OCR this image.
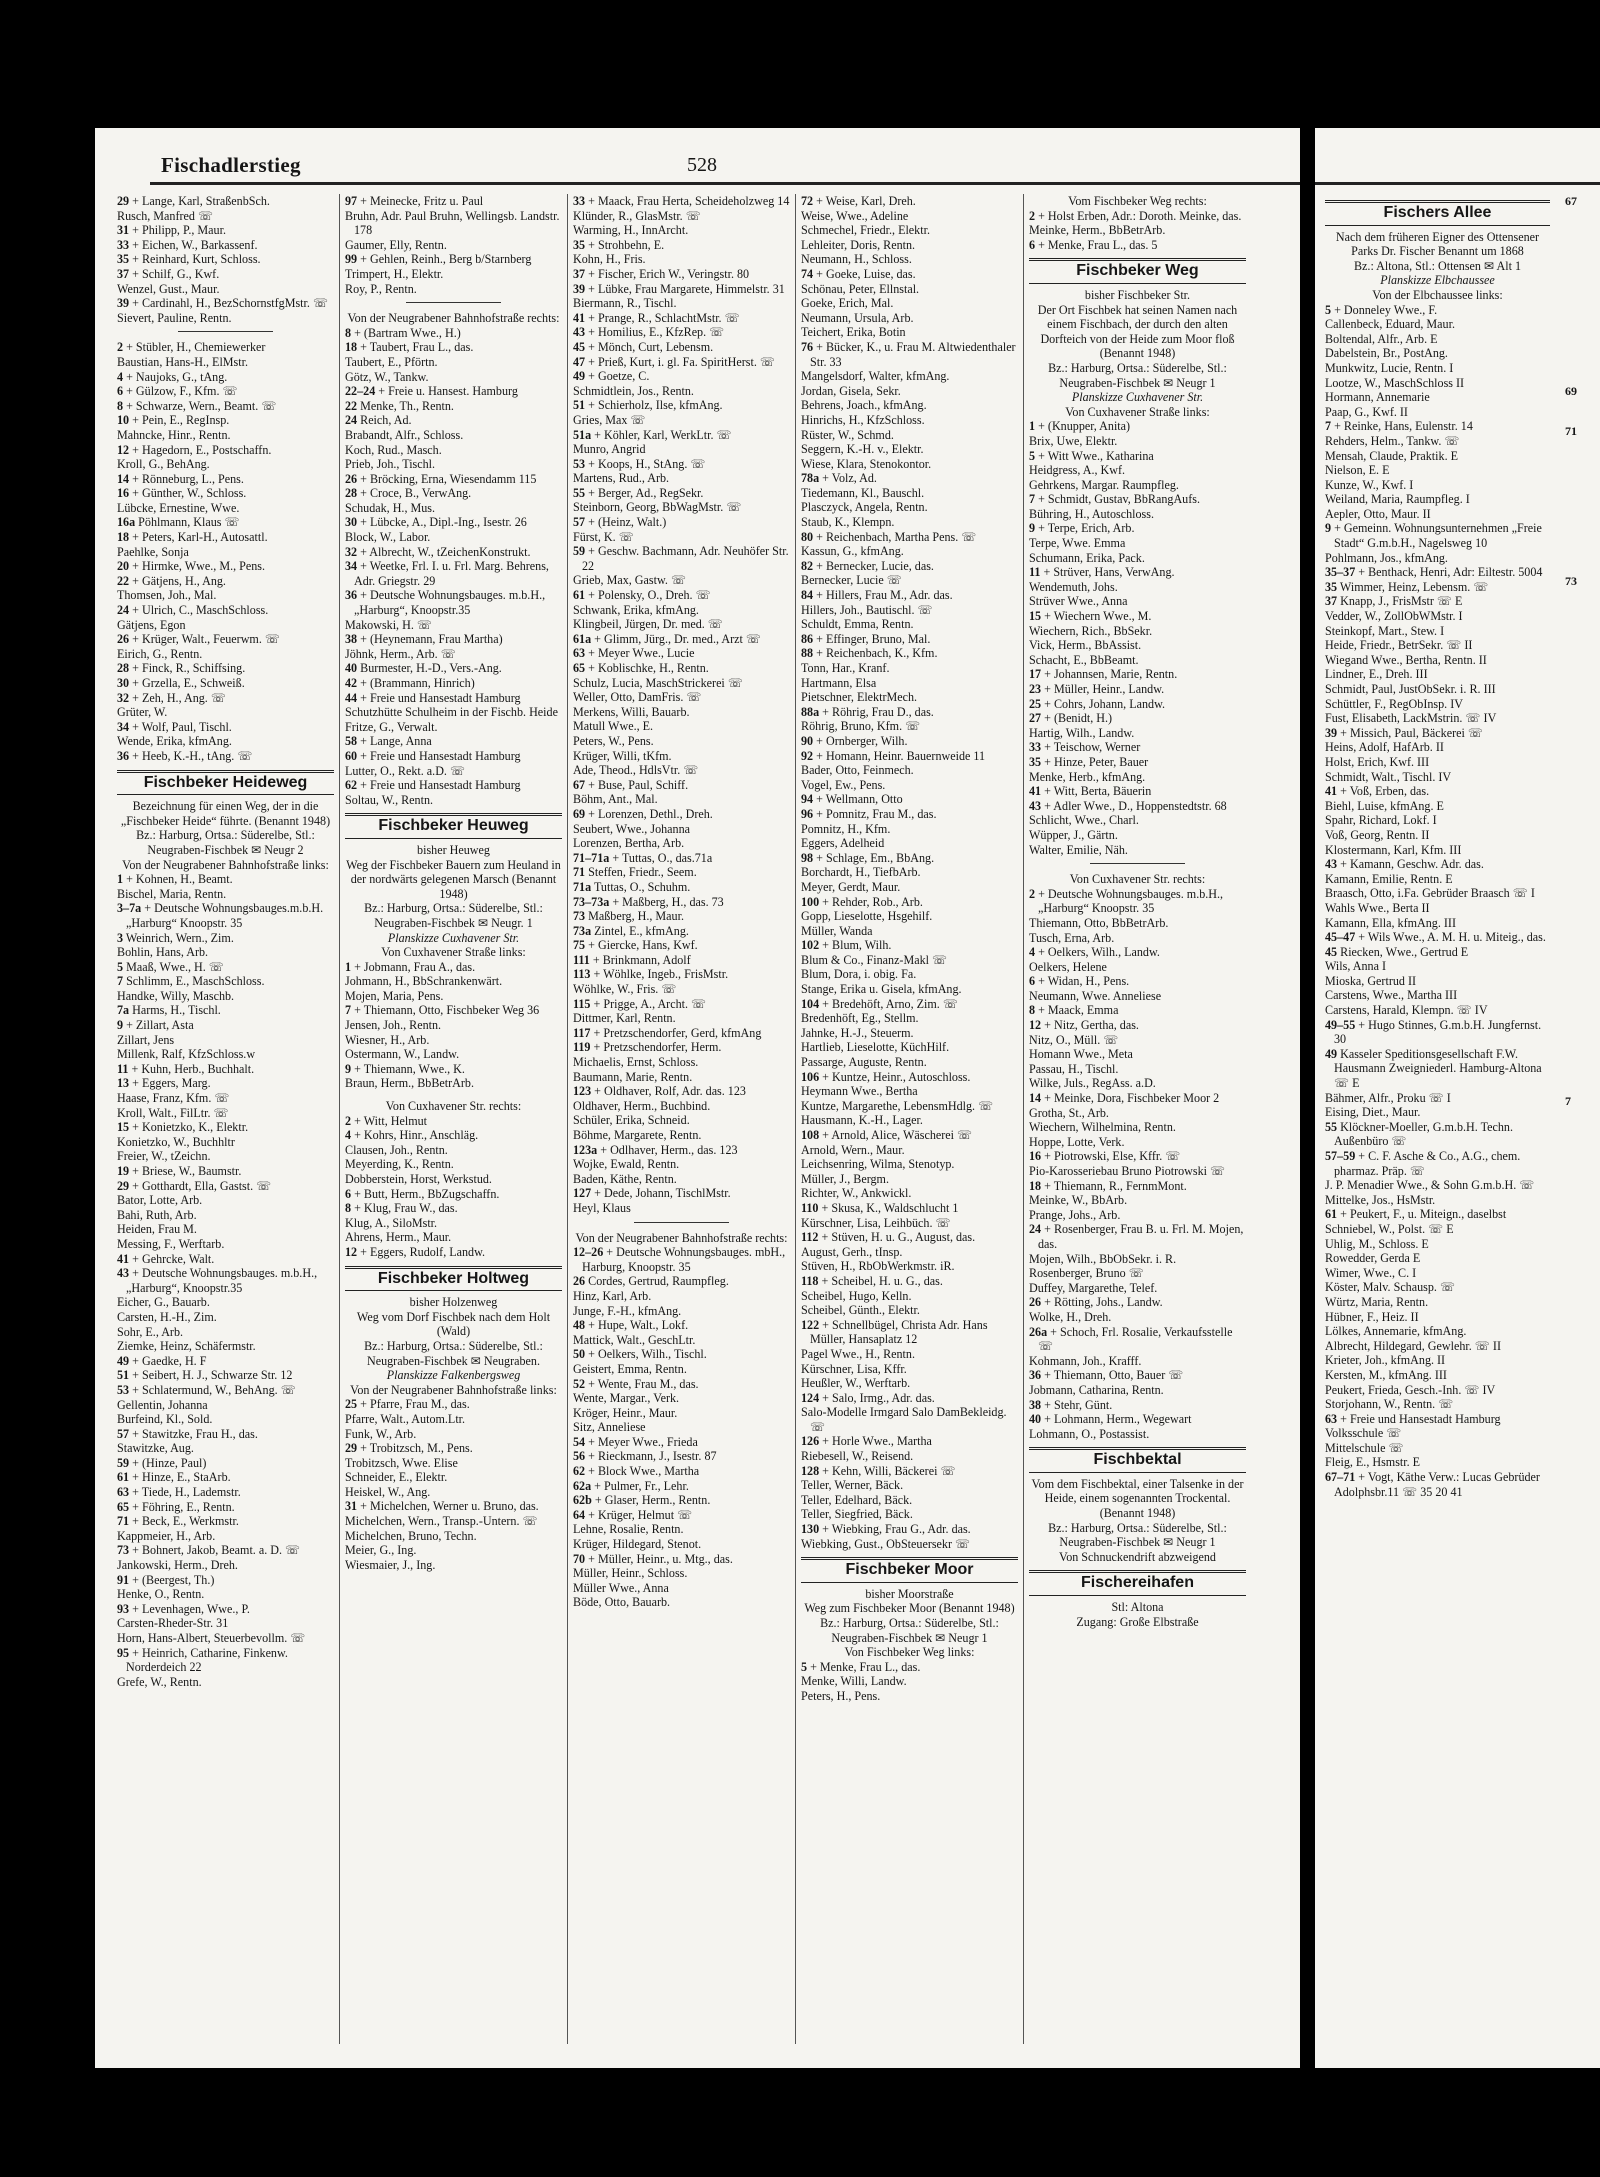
Fischadlerstieg	528
29 + Lange, Karl, StraßenbSch.
Rusch, Manfred ☏
31 + Philipp, P., Maur.
33 + Eichen, W., Barkassenf.
35 + Reinhard, Kurt, Schloss.
37 + Schilf, G., Kwf.
Wenzel, Gust., Maur.
39 + Cardinahl, H., BezSchornstfgMstr. ☏
Sievert, Pauline, Rentn.
2 + Stübler, H., Chemiewerker
Baustian, Hans-H., ElMstr.
4 + Naujoks, G., tAng.
6 + Gülzow, F., Kfm. ☏
8 + Schwarze, Wern., Beamt. ☏
10 + Pein, E., RegInsp.
Mahncke, Hinr., Rentn.
12 + Hagedorn, E., Postschaffn.
Kroll, G., BehAng.
14 + Rönneburg, L., Pens.
16 + Günther, W., Schloss.
Lübcke, Ernestine, Wwe.
16a Pöhlmann, Klaus ☏
18 + Peters, Karl-H., Autosattl.
Paehlke, Sonja
20 + Hirmke, Wwe., M., Pens.
22 + Gätjens, H., Ang.
Thomsen, Joh., Mal.
24 + Ulrich, C., MaschSchloss.
Gätjens, Egon
26 + Krüger, Walt., Feuerwm. ☏
Eirich, G., Rentn.
28 + Finck, R., Schiffsing.
30 + Grzella, E., Schweiß.
32 + Zeh, H., Ang. ☏
Grüter, W.
34 + Wolf, Paul, Tischl.
Wende, Erika, kfmAng.
36 + Heeb, K.-H., tAng. ☏
Fischbeker Heideweg
Bezeichnung für einen Weg, der in die „Fischbeker Heide“ führte. (Benannt 1948)
Bz.: Harburg, Ortsa.: Süderelbe, Stl.: Neugraben-Fischbek ✉ Neugr 2
Von der Neugrabener Bahnhofstraße links:
1 + Kohnen, H., Beamt.
Bischel, Maria, Rentn.
3–7a + Deutsche Wohnungsbauges.m.b.H. „Harburg“ Knoopstr. 35
3 Weinrich, Wern., Zim.
Bohlin, Hans, Arb.
5 Maaß, Wwe., H. ☏
7 Schlimm, E., MaschSchloss.
Handke, Willy, Maschb.
7a Harms, H., Tischl.
9 + Zillart, Asta
Zillart, Jens
Millenk, Ralf, KfzSchloss.w
11 + Kuhn, Herb., Buchhalt.
13 + Eggers, Marg.
Haase, Franz, Kfm. ☏
Kroll, Walt., FilLtr. ☏
15 + Konietzko, K., Elektr.
Konietzko, W., Buchhltr
Freier, W., tZeichn.
19 + Briese, W., Baumstr.
29 + Gotthardt, Ella, Gastst. ☏
Bator, Lotte, Arb.
Bahi, Ruth, Arb.
Heiden, Frau M.
Messing, F., Werftarb.
41 + Gehrcke, Walt.
43 + Deutsche Wohnungsbauges. m.b.H., „Harburg“, Knoopstr.35
Eicher, G., Bauarb.
Carsten, H.-H., Zim.
Sohr, E., Arb.
Ziemke, Heinz, Schäfermstr.
49 + Gaedke, H. F
51 + Seibert, H. J., Schwarze Str. 12
53 + Schlatermund, W., BehAng. ☏
Gellentin, Johanna
Burfeind, Kl., Sold.
57 + Stawitzke, Frau H., das.
Stawitzke, Aug.
59 + (Hinze, Paul)
61 + Hinze, E., StaArb.
63 + Tiede, H., Lademstr.
65 + Föhring, E., Rentn.
71 + Beck, E., Werkmstr.
Kappmeier, H., Arb.
73 + Bohnert, Jakob, Beamt. a. D. ☏
Jankowski, Herm., Dreh.
91 + (Beergest, Th.)
Henke, O., Rentn.
93 + Levenhagen, Wwe., P.
Carsten-Rheder-Str. 31
Horn, Hans-Albert, Steuerbevollm. ☏
95 + Heinrich, Catharine, Finkenw. Norderdeich 22
Grefe, W., Rentn.
97 + Meinecke, Fritz u. Paul
Bruhn, Adr. Paul Bruhn, Wellingsb. Landstr. 178
Gaumer, Elly, Rentn.
99 + Gehlen, Reinh., Berg b/Starnberg
Trimpert, H., Elektr.
Roy, P., Rentn.
Von der Neugrabener Bahnhofstraße rechts:
8 + (Bartram Wwe., H.)
18 + Taubert, Frau L., das.
Taubert, E., Pförtn.
Götz, W., Tankw.
22–24 + Freie u. Hansest. Hamburg
22 Menke, Th., Rentn.
24 Reich, Ad.
Brabandt, Alfr., Schloss.
Koch, Rud., Masch.
Prieb, Joh., Tischl.
26 + Bröcking, Erna, Wiesendamm 115
28 + Croce, B., VerwAng.
Schudak, H., Mus.
30 + Lübcke, A., Dipl.-Ing., Isestr. 26
Block, W., Labor.
32 + Albrecht, W., tZeichenKonstrukt.
34 + Weetke, Frl. I. u. Frl. Marg. Behrens, Adr. Griegstr. 29
36 + Deutsche Wohnungsbauges. m.b.H., „Harburg“, Knoopstr.35
Makowski, H. ☏
38 + (Heynemann, Frau Martha)
Jöhnk, Herm., Arb. ☏
40 Burmester, H.-D., Vers.-Ang.
42 + (Brammann, Hinrich)
44 + Freie und Hansestadt Hamburg
Schutzhütte Schulheim in der Fischb. Heide
Fritze, G., Verwalt.
58 + Lange, Anna
60 + Freie und Hansestadt Hamburg
Lutter, O., Rekt. a.D. ☏
62 + Freie und Hansestadt Hamburg
Soltau, W., Rentn.
Fischbeker Heuweg
bisher Heuweg
Weg der Fischbeker Bauern zum Heuland in der nordwärts gelegenen Marsch (Benannt 1948)
Bz.: Harburg, Ortsa.: Süderelbe, Stl.: Neugraben-Fischbek ✉ Neugr. 1
Planskizze Cuxhavener Str.
Von Cuxhavener Straße links:
1 + Jobmann, Frau A., das.
Johmann, H., BbSchrankenwärt.
Mojen, Maria, Pens.
7 + Thiemann, Otto, Fischbeker Weg 36
Jensen, Joh., Rentn.
Wiesner, H., Arb.
Ostermann, W., Landw.
9 + Thiemann, Wwe., K.
Braun, Herm., BbBetrArb.
Von Cuxhavener Str. rechts:
2 + Witt, Helmut
4 + Kohrs, Hinr., Anschläg.
Clausen, Joh., Rentn.
Meyerding, K., Rentn.
Dobberstein, Horst, Werkstud.
6 + Butt, Herm., BbZugschaffn.
8 + Klug, Frau W., das.
Klug, A., SiloMstr.
Ahrens, Herm., Maur.
12 + Eggers, Rudolf, Landw.
Fischbeker Holtweg
bisher Holzenweg
Weg vom Dorf Fischbek nach dem Holt (Wald)
Bz.: Harburg, Ortsa.: Süderelbe, Stl.: Neugraben-Fischbek ✉ Neugraben.
Planskizze Falkenbergsweg
Von der Neugrabener Bahnhofstraße links:
25 + Pfarre, Frau M., das.
Pfarre, Walt., Autom.Ltr.
Funk, W., Arb.
29 + Trobitzsch, M., Pens.
Trobitzsch, Wwe. Elise
Schneider, E., Elektr.
Heiskel, W., Ang.
31 + Michelchen, Werner u. Bruno, das.
Michelchen, Wern., Transp.-Untern. ☏
Michelchen, Bruno, Techn.
Meier, G., Ing.
Wiesmaier, J., Ing.
33 + Maack, Frau Herta, Scheideholzweg 14
Klünder, R., GlasMstr. ☏
Warming, H., InnArcht.
35 + Strohbehn, E.
Kohn, H., Fris.
37 + Fischer, Erich W., Veringstr. 80
39 + Lübke, Frau Margarete, Himmelstr. 31
Biermann, R., Tischl.
41 + Prange, R., SchlachtMstr. ☏
43 + Homilius, E., KfzRep. ☏
45 + Mönch, Curt, Lebensm.
47 + Prieß, Kurt, i. gl. Fa. SpiritHerst. ☏
49 + Goetze, C.
Schmidtlein, Jos., Rentn.
51 + Schierholz, Ilse, kfmAng.
Gries, Max ☏
51a + Köhler, Karl, WerkLtr. ☏
Munro, Angrid
53 + Koops, H., StAng. ☏
Martens, Rud., Arb.
55 + Berger, Ad., RegSekr.
Steinborn, Georg, BbWagMstr. ☏
57 + (Heinz, Walt.)
Fürst, K. ☏
59 + Geschw. Bachmann, Adr. Neuhöfer Str. 22
Grieb, Max, Gastw. ☏
61 + Polensky, O., Dreh. ☏
Schwank, Erika, kfmAng.
Klingbeil, Jürgen, Dr. med. ☏
61a + Glimm, Jürg., Dr. med., Arzt ☏
63 + Meyer Wwe., Lucie
65 + Koblischke, H., Rentn.
Schulz, Lucia, MaschStrickerei ☏
Weller, Otto, DamFris. ☏
Merkens, Willi, Bauarb.
Matull Wwe., E.
Peters, W., Pens.
Krüger, Willi, tKfm.
Ade, Theod., HdlsVtr. ☏
67 + Buse, Paul, Schiff.
Böhm, Ant., Mal.
69 + Lorenzen, Dethl., Dreh.
Seubert, Wwe., Johanna
Lorenzen, Bertha, Arb.
71–71a + Tuttas, O., das.71a
71 Steffen, Friedr., Seem.
71a Tuttas, O., Schuhm.
73–73a + Maßberg, H., das. 73
73 Maßberg, H., Maur.
73a Zintel, E., kfmAng.
75 + Giercke, Hans, Kwf.
111 + Brinkmann, Adolf
113 + Wöhlke, Ingeb., FrisMstr.
Wöhlke, W., Fris. ☏
115 + Prigge, A., Archt. ☏
Dittmer, Karl, Rentn.
117 + Pretzschendorfer, Gerd, kfmAng
119 + Pretzschendorfer, Herm.
Michaelis, Ernst, Schloss.
Baumann, Marie, Rentn.
123 + Oldhaver, Rolf, Adr. das. 123
Oldhaver, Herm., Buchbind.
Schüler, Erika, Schneid.
Böhme, Margarete, Rentn.
123a + Odlhaver, Herm., das. 123
Wojke, Ewald, Rentn.
Baden, Käthe, Rentn.
127 + Dede, Johann, TischlMstr.
Heyl, Klaus
Von der Neugrabener Bahnhofstraße rechts:
12–26 + Deutsche Wohnungsbauges. mbH., Harburg, Knoopstr. 35
26 Cordes, Gertrud, Raumpfleg.
Hinz, Karl, Arb.
Junge, F.-H., kfmAng.
48 + Hupe, Walt., Lokf.
Mattick, Walt., GeschLtr.
50 + Oelkers, Wilh., Tischl.
Geistert, Emma, Rentn.
52 + Wente, Frau M., das.
Wente, Margar., Verk.
Kröger, Heinr., Maur.
Sitz, Anneliese
54 + Meyer Wwe., Frieda
56 + Rieckmann, J., Isestr. 87
62 + Block Wwe., Martha
62a + Pulmer, Fr., Lehr.
62b + Glaser, Herm., Rentn.
64 + Krüger, Helmut ☏
Lehne, Rosalie, Rentn.
Krüger, Hildegard, Stenot.
70 + Müller, Heinr., u. Mtg., das.
Müller, Heinr., Schloss.
Müller Wwe., Anna
Böde, Otto, Bauarb.
72 + Weise, Karl, Dreh.
Weise, Wwe., Adeline
Schmechel, Friedr., Elektr.
Lehleiter, Doris, Rentn.
Neumann, H., Schloss.
74 + Goeke, Luise, das.
Schönau, Peter, Ellnstal.
Goeke, Erich, Mal.
Neumann, Ursula, Arb.
Teichert, Erika, Botin
76 + Bücker, K., u. Frau M. Altwiedenthaler Str. 33
Mangelsdorf, Walter, kfmAng.
Jordan, Gisela, Sekr.
Behrens, Joach., kfmAng.
Hinrichs, H., KfzSchloss.
Rüster, W., Schmd.
Seggern, K.-H. v., Elektr.
Wiese, Klara, Stenokontor.
78a + Volz, Ad.
Tiedemann, Kl., Bauschl.
Plasczyck, Angela, Rentn.
Staub, K., Klempn.
80 + Reichenbach, Martha Pens. ☏
Kassun, G., kfmAng.
82 + Bernecker, Lucie, das.
Bernecker, Lucie ☏
84 + Hillers, Frau M., Adr. das.
Hillers, Joh., Bautischl. ☏
Schuldt, Emma, Rentn.
86 + Effinger, Bruno, Mal.
88 + Reichenbach, K., Kfm.
Tonn, Har., Kranf.
Hartmann, Elsa
Pietschner, ElektrMech.
88a + Röhrig, Frau D., das.
Röhrig, Bruno, Kfm. ☏
90 + Ornberger, Wilh.
92 + Homann, Heinr. Bauernweide 11
Bader, Otto, Feinmech.
Vogel, Ew., Pens.
94 + Wellmann, Otto
96 + Pomnitz, Frau M., das.
Pomnitz, H., Kfm.
Eggers, Adelheid
98 + Schlage, Em., BbAng.
Borchardt, H., TiefbArb.
Meyer, Gerdt, Maur.
100 + Rehder, Rob., Arb.
Gopp, Lieselotte, Hsgehilf.
Müller, Wanda
102 + Blum, Wilh.
Blum & Co., Finanz-Makl ☏
Blum, Dora, i. obig. Fa.
Stange, Erika u. Gisela, kfmAng.
104 + Bredehöft, Arno, Zim. ☏
Bredenhöft, Eg., Stellm.
Jahnke, H.-J., Steuerm.
Hartlieb, Lieselotte, KüchHilf.
Passarge, Auguste, Rentn.
106 + Kuntze, Heinr., Autoschloss.
Heymann Wwe., Bertha
Kuntze, Margarethe, LebensmHdlg. ☏
Hausmann, K.-H., Lager.
108 + Arnold, Alice, Wäscherei ☏
Arnold, Wern., Maur.
Leichsenring, Wilma, Stenotyp.
Müller, J., Bergm.
Richter, W., Ankwickl.
110 + Skusa, K., Waldschlucht 1
Kürschner, Lisa, Leihbüch. ☏
112 + Stüven, H. u. G., August, das.
August, Gerh., tInsp.
Stüven, H., RbObWerkmstr. iR.
118 + Scheibel, H. u. G., das.
Scheibel, Hugo, Kelln.
Scheibel, Günth., Elektr.
122 + Schnellbügel, Christa Adr. Hans Müller, Hansaplatz 12
Pagel Wwe., H., Rentn.
Kürschner, Lisa, Kffr.
Heußler, W., Werftarb.
124 + Salo, Irmg., Adr. das.
Salo-Modelle Irmgard Salo DamBekleidg. ☏
126 + Horle Wwe., Martha
Riebesell, W., Reisend.
128 + Kehn, Willi, Bäckerei ☏
Teller, Werner, Bäck.
Teller, Edelhard, Bäck.
Teller, Siegfried, Bäck.
130 + Wiebking, Frau G., Adr. das.
Wiebking, Gust., ObSteuersekr ☏
Fischbeker Moor
bisher Moorstraße
Weg zum Fischbeker Moor (Benannt 1948)
Bz.: Harburg, Ortsa.: Süderelbe, Stl.: Neugraben-Fischbek ✉ Neugr 1
Von Fischbeker Weg links:
5 + Menke, Frau L., das.
Menke, Willi, Landw.
Peters, H., Pens.
Vom Fischbeker Weg rechts:
2 + Holst Erben, Adr.: Doroth. Meinke, das.
Meinke, Herm., BbBetrArb.
6 + Menke, Frau L., das. 5
Fischbeker Weg
bisher Fischbeker Str.
Der Ort Fischbek hat seinen Namen nach einem Fischbach, der durch den alten Dorfteich von der Heide zum Moor floß (Benannt 1948)
Bz.: Harburg, Ortsa.: Süderelbe, Stl.: Neugraben-Fischbek ✉ Neugr 1
Planskizze Cuxhavener Str.
Von Cuxhavener Straße links:
1 + (Knupper, Anita)
Brix, Uwe, Elektr.
5 + Witt Wwe., Katharina
Heidgress, A., Kwf.
Gehrkens, Margar. Raumpfleg.
7 + Schmidt, Gustav, BbRangAufs.
Bühring, H., Autoschloss.
9 + Terpe, Erich, Arb.
Terpe, Wwe. Emma
Schumann, Erika, Pack.
11 + Strüver, Hans, VerwAng.
Wendemuth, Johs.
Strüver Wwe., Anna
15 + Wiechern Wwe., M.
Wiechern, Rich., BbSekr.
Vick, Herm., BbAssist.
Schacht, E., BbBeamt.
17 + Johannsen, Marie, Rentn.
23 + Müller, Heinr., Landw.
25 + Cohrs, Johann, Landw.
27 + (Benidt, H.)
Hartig, Wilh., Landw.
33 + Teischow, Werner
35 + Hinze, Peter, Bauer
Menke, Herb., kfmAng.
41 + Witt, Berta, Bäuerin
43 + Adler Wwe., D., Hoppenstedtstr. 68
Schlicht, Wwe., Charl.
Wüpper, J., Gärtn.
Walter, Emilie, Näh.
Von Cuxhavener Str. rechts:
2 + Deutsche Wohnungsbauges. m.b.H., „Harburg“ Knoopstr. 35
Thiemann, Otto, BbBetrArb.
Tusch, Erna, Arb.
4 + Oelkers, Wilh., Landw.
Oelkers, Helene
6 + Widan, H., Pens.
Neumann, Wwe. Anneliese
8 + Maack, Emma
12 + Nitz, Gertha, das.
Nitz, O., Müll. ☏
Homann Wwe., Meta
Passau, H., Tischl.
Wilke, Juls., RegAss. a.D.
14 + Meinke, Dora, Fischbeker Moor 2
Grotha, St., Arb.
Wiechern, Wilhelmina, Rentn.
Hoppe, Lotte, Verk.
16 + Piotrowski, Else, Kffr. ☏
Pio-Karosseriebau Bruno Piotrowski ☏
18 + Thiemann, R., FernmMont.
Meinke, W., BbArb.
Prange, Johs., Arb.
24 + Rosenberger, Frau B. u. Frl. M. Mojen, das.
Mojen, Wilh., BbObSekr. i. R.
Rosenberger, Bruno ☏
Duffey, Margarethe, Telef.
26 + Rötting, Johs., Landw.
Wolke, H., Dreh.
26a + Schoch, Frl. Rosalie, Verkaufsstelle ☏
Kohmann, Joh., Krafff.
36 + Thiemann, Otto, Bauer ☏
Jobmann, Catharina, Rentn.
38 + Stehr, Günt.
40 + Lohmann, Herm., Wegewart
Lohmann, O., Postassist.
Fischbektal
Vom dem Fischbektal, einer Talsenke in der Heide, einem sogenannten Trockental. (Benannt 1948)
Bz.: Harburg, Ortsa.: Süderelbe, Stl.: Neugraben-Fischbek ✉ Neugr 1
Von Schnuckendrift abzweigend
Fischereihafen
Stl: Altona
Zugang: Große Elbstraße
Fischers Allee
Nach dem früheren Eigner des Ottensener Parks Dr. Fischer Benannt um 1868
Bz.: Altona, Stl.: Ottensen ✉ Alt 1
Planskizze Elbchaussee
Von der Elbchaussee links:
5 + Donneley Wwe., F.
Callenbeck, Eduard, Maur.
Boltendal, Alfr., Arb. E
Dabelstein, Br., PostAng.
Munkwitz, Lucie, Rentn. I
Lootze, W., MaschSchloss II
Hormann, Annemarie
Paap, G., Kwf. II
7 + Reinke, Hans, Eulenstr. 14
Rehders, Helm., Tankw. ☏
Mensah, Claude, Praktik. E
Nielson, E. E
Kunze, W., Kwf. I
Weiland, Maria, Raumpfleg. I
Aepler, Otto, Maur. II
9 + Gemeinn. Wohnungsunternehmen „Freie Stadt“ G.m.b.H., Nagelsweg 10
Pohlmann, Jos., kfmAng.
35–37 + Benthack, Henri, Adr: Eiltestr. 5004
35 Wimmer, Heinz, Lebensm. ☏
37 Knapp, J., FrisMstr ☏ E
Vedder, W., ZollObWMstr. I
Steinkopf, Mart., Stew. I
Heide, Friedr., BetrSekr. ☏ II
Wiegand Wwe., Bertha, Rentn. II
Lindner, E., Dreh. III
Schmidt, Paul, JustObSekr. i. R. III
Schüttler, F., RegObInsp. IV
Fust, Elisabeth, LackMstrin. ☏ IV
39 + Missich, Paul, Bäckerei ☏
Heins, Adolf, HafArb. II
Holst, Erich, Kwf. III
Schmidt, Walt., Tischl. IV
41 + Voß, Erben, das.
Biehl, Luise, kfmAng. E
Spahr, Richard, Lokf. I
Voß, Georg, Rentn. II
Klostermann, Karl, Kfm. III
43 + Kamann, Geschw. Adr. das.
Kamann, Emilie, Rentn. E
Braasch, Otto, i.Fa. Gebrüder Braasch ☏ I
Wahls Wwe., Berta II
Kamann, Ella, kfmAng. III
45–47 + Wils Wwe., A. M. H. u. Miteig., das.
45 Riecken, Wwe., Gertrud E
Wils, Anna I
Mioska, Gertrud II
Carstens, Wwe., Martha III
Carstens, Harald, Klempn. ☏ IV
49–55 + Hugo Stinnes, G.m.b.H. Jungfernst. 30
49 Kasseler Speditionsgesellschaft F.W. Hausmann Zweigniederl. Hamburg-Altona ☏ E
Bähmer, Alfr., Proku ☏ I
Eising, Diet., Maur.
55 Klöckner-Moeller, G.m.b.H. Techn. Außenbüro ☏
57–59 + C. F. Asche & Co., A.G., chem. pharmaz. Präp. ☏
J. P. Menadier Wwe., & Sohn G.m.b.H. ☏
Mittelke, Jos., HsMstr.
61 + Peukert, F., u. Miteign., daselbst
Schniebel, W., Polst. ☏ E
Uhlig, M., Schloss. E
Rowedder, Gerda E
Wimer, Wwe., C. I
Köster, Malv. Schausp. ☏
Würtz, Maria, Rentn.
Hübner, F., Heiz. II
Lölkes, Annemarie, kfmAng.
Albrecht, Hildegard, Gewlehr. ☏ II
Krieter, Joh., kfmAng. II
Kersten, M., kfmAng. III
Peukert, Frieda, Gesch.-Inh. ☏ IV
Storjohann, W., Rentn. ☏
63 + Freie und Hansestadt Hamburg
Volksschule ☏
Mittelschule ☏
Fleig, E., Hsmstr. E
67–71 + Vogt, Käthe Verw.: Lucas Gebrüder Adolphsbr.11 ☏ 35 20 41
67
69
71
73
7
